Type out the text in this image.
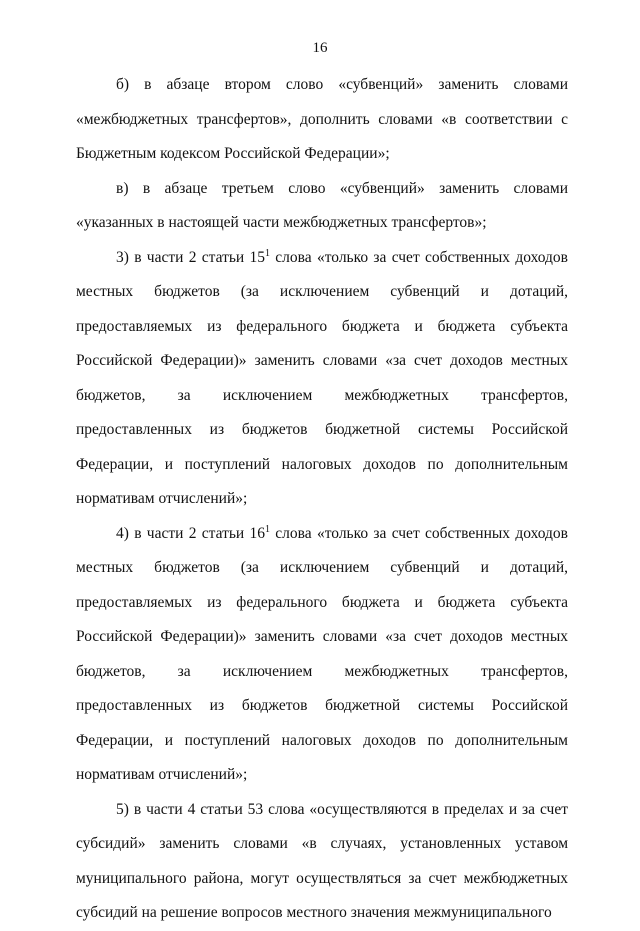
16

б) в абзаце втором слово «субвенций» заменить словами «межбюджетных трансфертов», дополнить словами «в соответствии с Бюджетным кодексом Российской Федерации»;

в) в абзаце третьем слово «субвенций» заменить словами «указанных в настоящей части межбюджетных трансфертов»;

3) в части 2 статьи $15^1$ слова «только за счет собственных доходов местных бюджетов (за исключением субвенций и дотаций, предоставляемых из федерального бюджета и бюджета субъекта Российской Федерации)» заменить словами «за счет доходов местных бюджетов, за исключением межбюджетных трансфертов, предоставленных из бюджетов бюджетной системы Российской Федерации, и поступлений налоговых доходов по дополнительным нормативам отчислений»;

4) в части 2 статьи $16^1$ слова «только за счет собственных доходов местных бюджетов (за исключением субвенций и дотаций, предоставляемых из федерального бюджета и бюджета субъекта Российской Федерации)» заменить словами «за счет доходов местных бюджетов, за исключением межбюджетных трансфертов, предоставленных из бюджетов бюджетной системы Российской Федерации, и поступлений налоговых доходов по дополнительным нормативам отчислений»;

5) в части 4 статьи 53 слова «осуществляются в пределах и за счет субсидий» заменить словами «в случаях, установленных уставом муниципального района, могут осуществляться за счет межбюджетных субсидий на решение вопросов местного значения межмуниципального
